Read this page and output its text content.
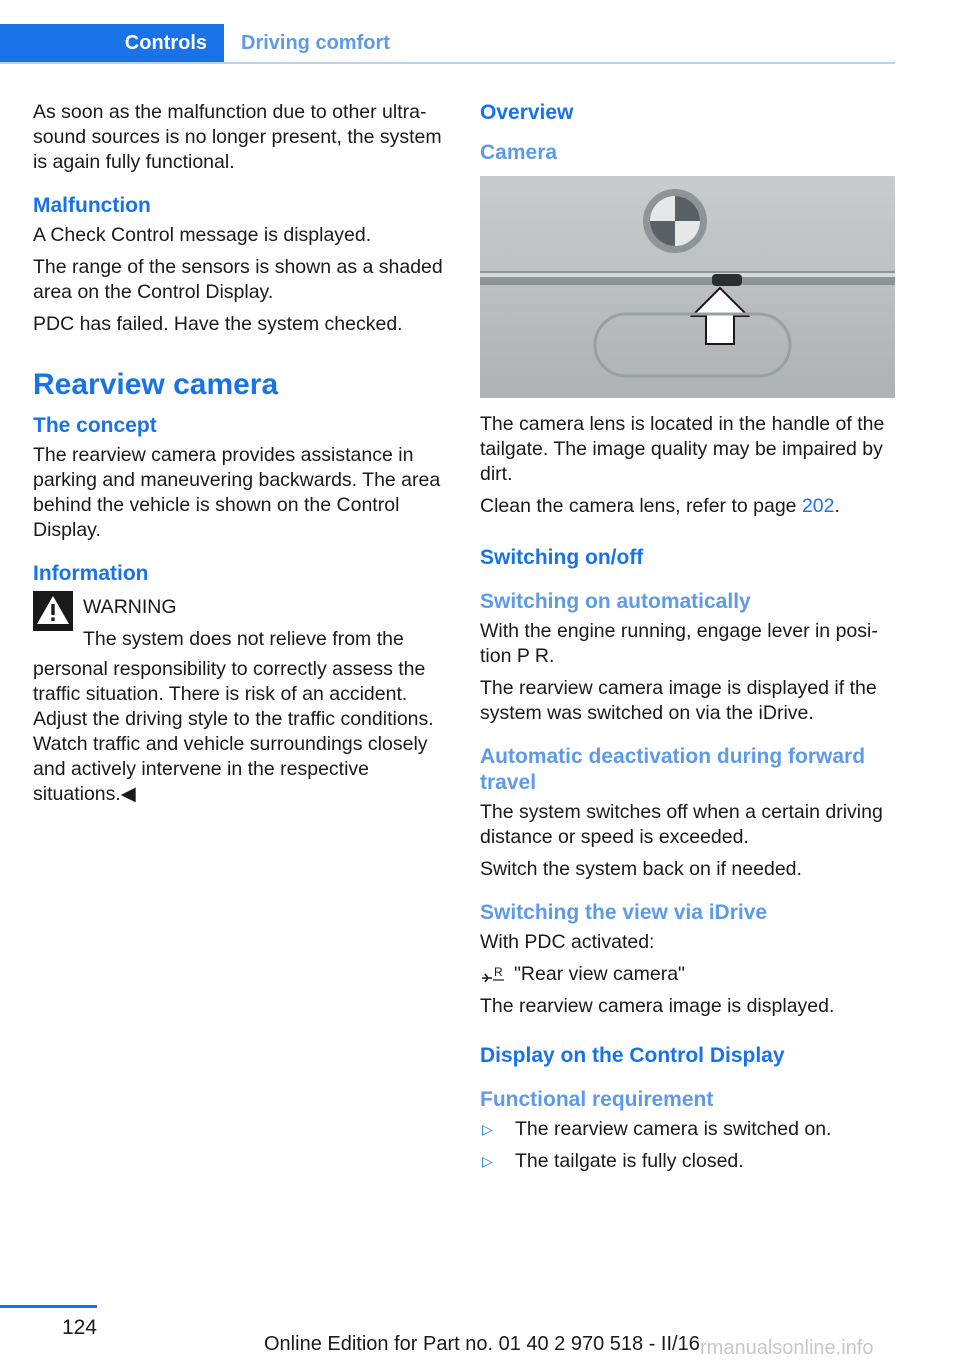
Controls	Driving comfort

As soon as the malfunction due to other ultrasound sources is no longer present, the system is again fully functional.

Malfunction

A Check Control message is displayed.

The range of the sensors is shown as a shaded area on the Control Display.

PDC has failed. Have the system checked.

Rearview camera
The concept

The rearview camera provides assistance in parking and maneuvering backwards. The area behind the vehicle is shown on the Control Display.

Information
WARNING
The system does not relieve from the

personal responsibility to correctly assess the traffic situation. There is risk of an accident. Adjust the driving style to the traffic conditions. Watch traffic and vehicle surroundings closely and actively intervene in the respective situations.◀

Overview
Camera

The camera lens is located in the handle of the tailgate. The image quality may be impaired by dirt.

Clean the camera lens, refer to page 202.

Switching on/off
Switching on automatically

With the engine running, engage lever in position P R.

The rearview camera image is displayed if the system was switched on via the iDrive.

Automatic deactivation during forward travel

The system switches off when a certain driving distance or speed is exceeded.

Switch the system back on if needed.

Switching the view via iDrive

With PDC activated:

R "Rear view camera"

The rearview camera image is displayed.

Display on the Control Display
Functional requirement
▷	The rearview camera is switched on.
▷	The tailgate is fully closed.
124
Online Edition for Part no. 01 40 2 970 518 - II/16 rmanualsonline.info
